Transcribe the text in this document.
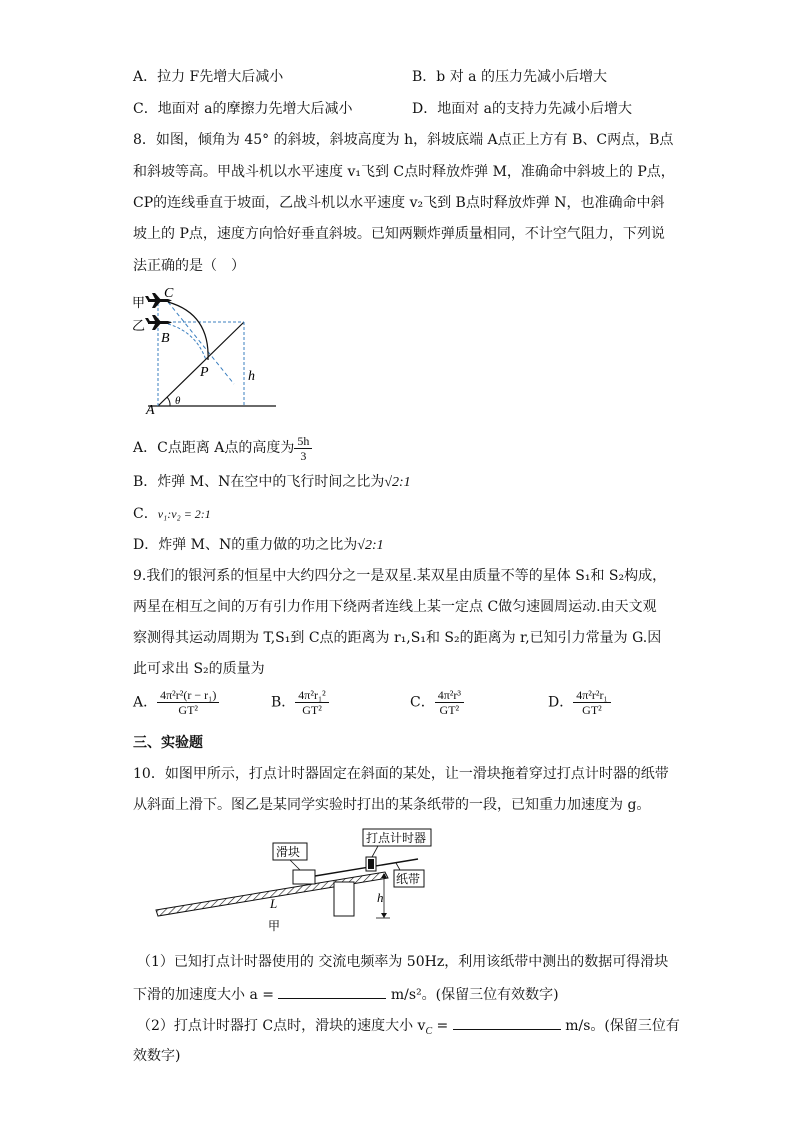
A．拉力 F先增大后减小	B．b 对 a 的压力先减小后增大
C．地面对 a的摩擦力先增大后减小	D．地面对 a的支持力先减小后增大
8．如图，倾角为 45° 的斜坡，斜坡高度为 h，斜坡底端 A点正上方有 B、C两点，B点
和斜坡等高。甲战斗机以水平速度 v₁飞到 C点时释放炸弹 M，准确命中斜坡上的 P点，
CP的连线垂直于坡面，乙战斗机以水平速度 v₂飞到 B点时释放炸弹 N，也准确命中斜
坡上的 P点，速度方向恰好垂直斜坡。已知两颗炸弹质量相同，不计空气阻力，下列说
法正确的是（　）
甲
乙
C
B
P
A
h
θ
A．C点距离 A点的高度为 $\frac{5h}{3}$
B．炸弹 M、N在空中的飞行时间之比为√2:1
C．v₁:v₂ = 2:1
D．炸弹 M、N的重力做的功之比为√2:1
9.我们的银河系的恒星中大约四分之一是双星.某双星由质量不等的星体 S₁和 S₂构成，
两星在相互之间的万有引力作用下绕两者连线上某一定点 C做匀速圆周运动.由天文观
察测得其运动周期为 T,S₁到 C点的距离为 r₁,S₁和 S₂的距离为 r,已知引力常量为 G.因
此可求出 S₂的质量为
A． $\frac{\text{4π²r²(r − r₁)}}{\text{GT²}}$	B． $\frac{\text{4π²r₁²}}{\text{GT²}}$	C． $\frac{\text{4π²r³}}{\text{GT²}}$	D． $\frac{\text{4π²r²r₁}}{\text{GT²}}$
三、实验题
10．如图甲所示，打点计时器固定在斜面的某处，让一滑块拖着穿过打点计时器的纸带
从斜面上滑下。图乙是某同学实验时打出的某条纸带的一段，已知重力加速度为 g。
滑块
打点计时器
纸带
L	h
甲
（1）已知打点计时器使用的 交流电频率为 50Hz，利用该纸带中测出的数据可得滑块
下滑的加速度大小 a =	m/s²。(保留三位有效数字)
（2）打点计时器打 C点时，滑块的速度大小 $v_C$ =	m/s。(保留三位有
效数字)
